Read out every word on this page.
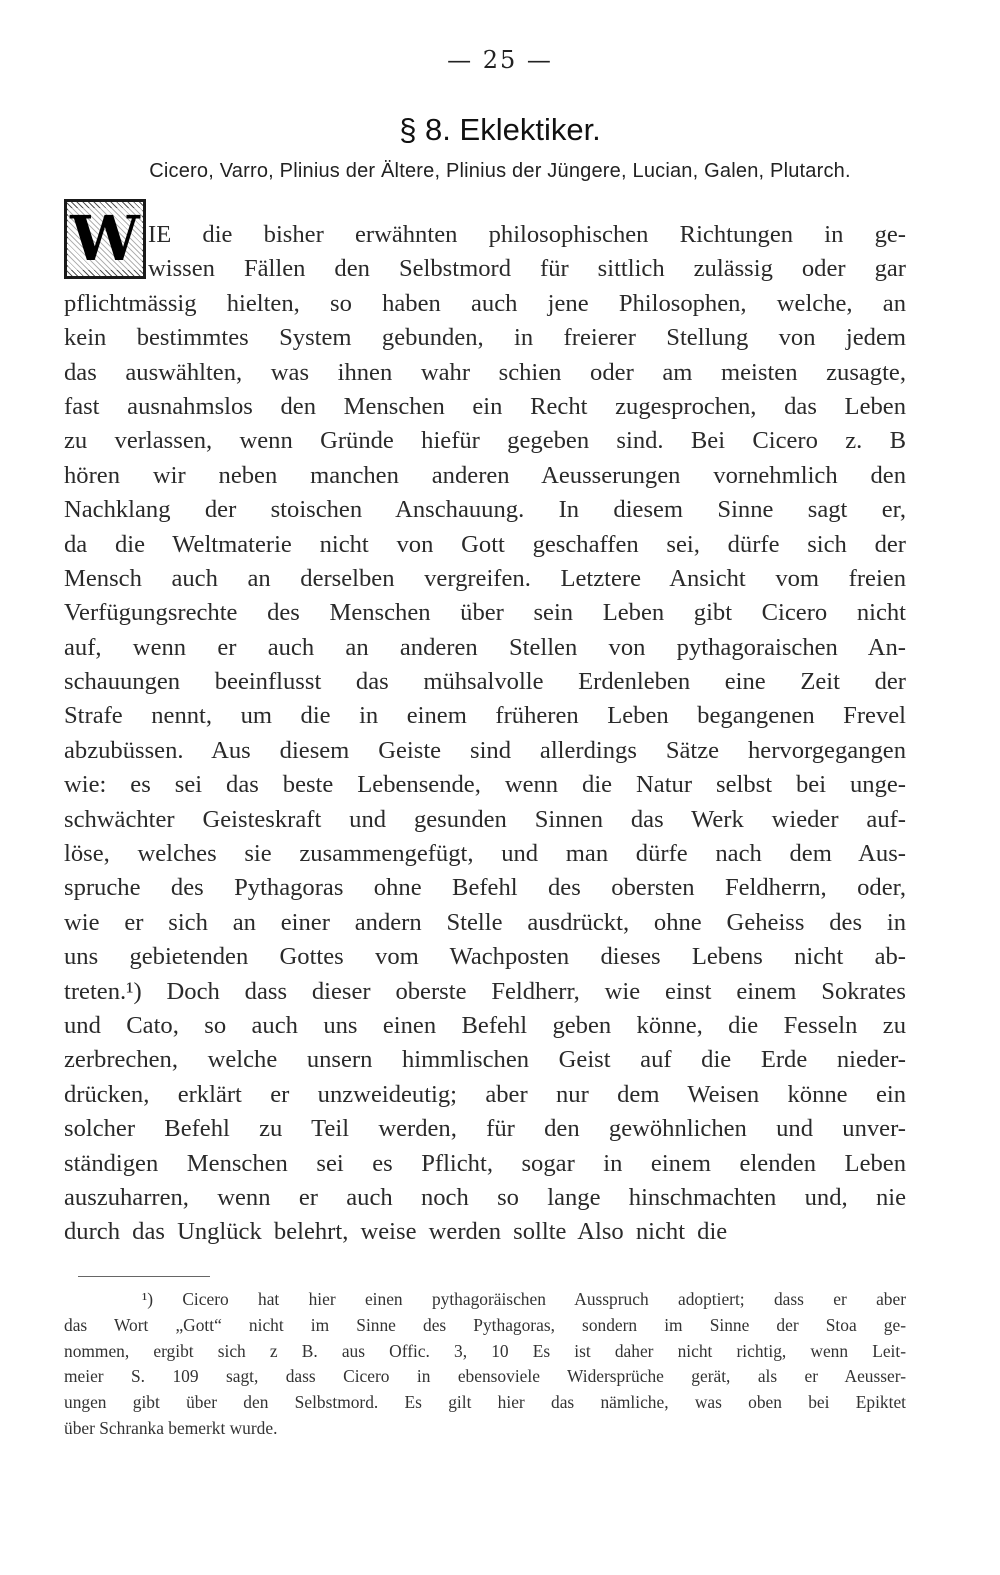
— 25 —
§ 8. Eklektiker.
Cicero, Varro, Plinius der Ältere, Plinius der Jüngere, Lucian, Galen, Plutarch.
W IE die bisher erwähnten philosophischen Richtungen in ge-
wissen Fällen den Selbstmord für sittlich zulässig oder gar
pflichtmässig hielten, so haben auch jene Philosophen, welche, an
kein bestimmtes System gebunden, in freierer Stellung von jedem
das auswählten, was ihnen wahr schien oder am meisten zusagte,
fast ausnahmslos den Menschen ein Recht zugesprochen, das Leben
zu verlassen, wenn Gründe hiefür gegeben sind. Bei Cicero z. B
hören wir neben manchen anderen Aeusserungen vornehmlich den
Nachklang der stoischen Anschauung. In diesem Sinne sagt er,
da die Weltmaterie nicht von Gott geschaffen sei, dürfe sich der
Mensch auch an derselben vergreifen. Letztere Ansicht vom freien
Verfügungsrechte des Menschen über sein Leben gibt Cicero nicht
auf, wenn er auch an anderen Stellen von pythagoraischen An-
schauungen beeinflusst das mühsalvolle Erdenleben eine Zeit der
Strafe nennt, um die in einem früheren Leben begangenen Frevel
abzubüssen. Aus diesem Geiste sind allerdings Sätze hervorgegangen
wie: es sei das beste Lebensende, wenn die Natur selbst bei unge-
schwächter Geisteskraft und gesunden Sinnen das Werk wieder auf-
löse, welches sie zusammengefügt, und man dürfe nach dem Aus-
spruche des Pythagoras ohne Befehl des obersten Feldherrn, oder,
wie er sich an einer andern Stelle ausdrückt, ohne Geheiss des in
uns gebietenden Gottes vom Wachposten dieses Lebens nicht ab-
treten.¹) Doch dass dieser oberste Feldherr, wie einst einem Sokrates
und Cato, so auch uns einen Befehl geben könne, die Fesseln zu
zerbrechen, welche unsern himmlischen Geist auf die Erde nieder-
drücken, erklärt er unzweideutig; aber nur dem Weisen könne ein
solcher Befehl zu Teil werden, für den gewöhnlichen und unver-
ständigen Menschen sei es Pflicht, sogar in einem elenden Leben
auszuharren, wenn er auch noch so lange hinschmachten und, nie
durch das Unglück belehrt, weise werden sollte Also nicht die
¹) Cicero hat hier einen pythagoräischen Ausspruch adoptiert; dass er aber
das Wort „Gott“ nicht im Sinne des Pythagoras, sondern im Sinne der Stoa ge-
nommen, ergibt sich z B. aus Offic. 3, 10 Es ist daher nicht richtig, wenn Leit-
meier S. 109 sagt, dass Cicero in ebensoviele Widersprüche gerät, als er Aeusser-
ungen gibt über den Selbstmord. Es gilt hier das nämliche, was oben bei Epiktet
über Schranka bemerkt wurde.
